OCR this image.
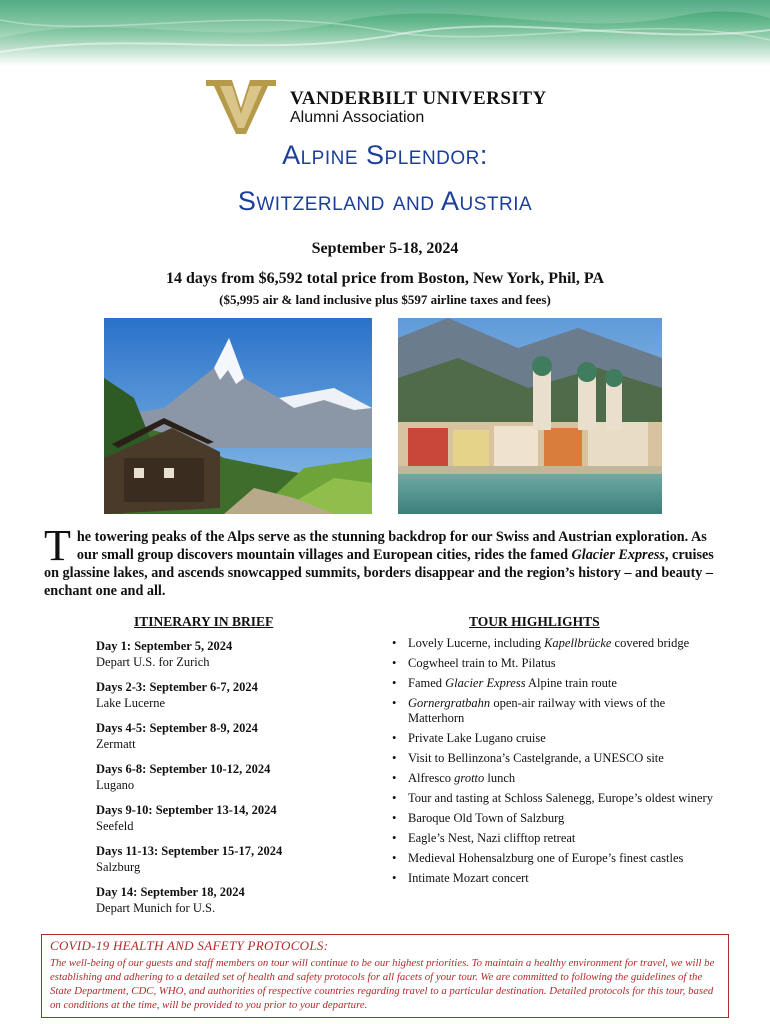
VANDERBILT UNIVERSITY
Alumni Association
Alpine Splendor:
Switzerland and Austria
September 5-18, 2024
14 days from $6,592 total price from Boston, New York, Phil, PA
($5,995 air & land inclusive plus $597 airline taxes and fees)
The towering peaks of the Alps serve as the stunning backdrop for our Swiss and Austrian exploration. As our small group discovers mountain villages and European cities, rides the famed Glacier Express, cruises on glassine lakes, and ascends snowcapped summits, borders disappear and the region’s history – and beauty – enchant one and all.
ITINERARY IN BRIEF	TOUR HIGHLIGHTS

Day 1: September 5, 2024

Depart U.S. for Zurich

Days 2-3: September 6-7, 2024

Lake Lucerne

Days 4-5: September 8-9, 2024

Zermatt

Days 6-8: September 10-12, 2024

Lugano

Days 9-10: September 13-14, 2024

Seefeld

Days 11-13: September 15-17, 2024

Salzburg

Day 14: September 18, 2024

Depart Munich for U.S.

• Lovely Lucerne, including Kapellbrücke covered bridge
• Cogwheel train to Mt. Pilatus
• Famed Glacier Express Alpine train route
• Gornergratbahn open-air railway with views of the Matterhorn
• Private Lake Lugano cruise
• Visit to Bellinzona’s Castelgrande, a UNESCO site
• Alfresco grotto lunch
• Tour and tasting at Schloss Salenegg, Europe’s oldest winery
• Baroque Old Town of Salzburg
• Eagle’s Nest, Nazi clifftop retreat
• Medieval Hohensalzburg one of Europe’s finest castles
• Intimate Mozart concert

COVID-19 HEALTH AND SAFETY PROTOCOLS:

The well-being of our guests and staff members on tour will continue to be our highest priorities. To maintain a healthy environment for travel, we will be establishing and adhering to a detailed set of health and safety protocols for all facets of your tour. We are committed to following the guidelines of the State Department, CDC, WHO, and authorities of respective countries regarding travel to a particular destination. Detailed protocols for this tour, based on conditions at the time, will be provided to you prior to your departure.
